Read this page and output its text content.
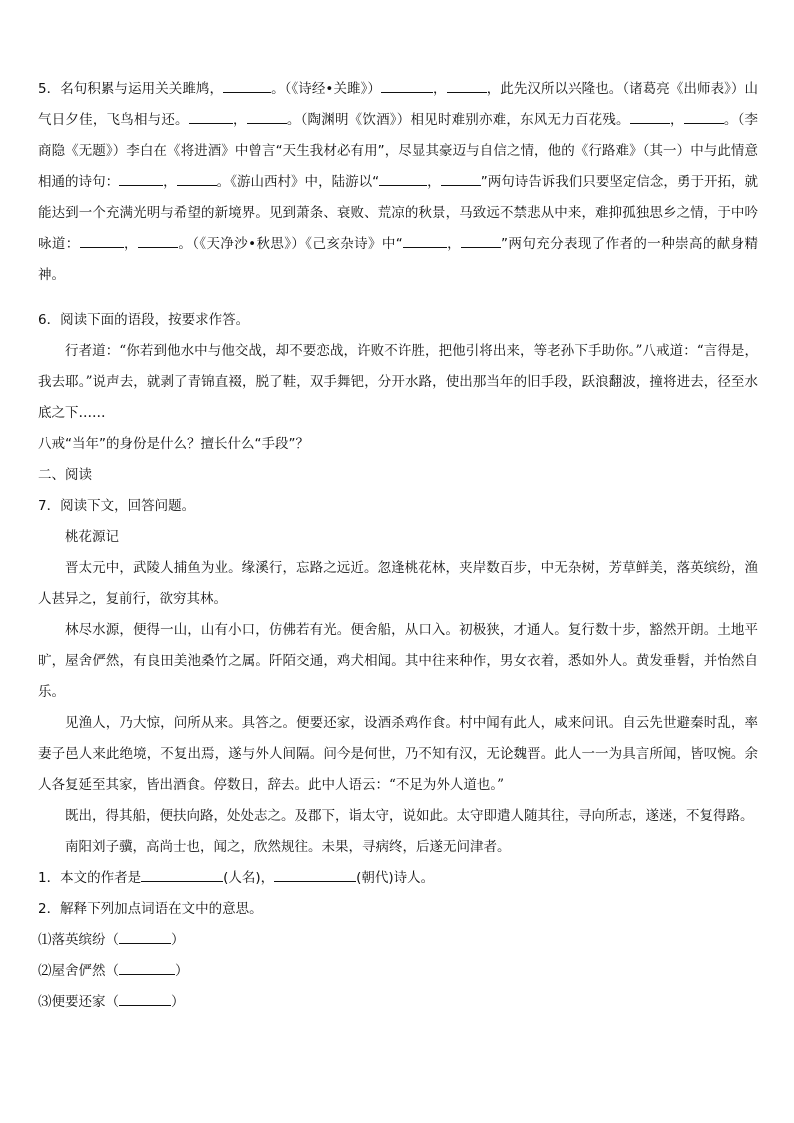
5．名句积累与运用关关雎鸠，	。（《诗经•关雎》）	，	，此先汉所以兴隆也。（诸葛亮《出师表》）山气日夕佳，飞鸟相与还。	，	。（陶渊明《饮酒》）相见时难别亦难，东风无力百花残。	，	。（李商隐《无题》）李白在《将进酒》中曾言“天生我材必有用”，尽显其豪迈与自信之情，他的《行路难》（其一）中与此情意相通的诗句：	，	。《游山西村》中，陆游以“	，	”两句诗告诉我们只要坚定信念，勇于开拓，就能达到一个充满光明与希望的新境界。见到萧条、衰败、荒凉的秋景，马致远不禁悲从中来，难抑孤独思乡之情，于中吟咏道：	，	。（《天净沙•秋思》）《己亥杂诗》中“	，	”两句充分表现了作者的一种崇高的献身精神。
6．阅读下面的语段，按要求作答。
行者道：“你若到他水中与他交战，却不要恋战，许败不许胜，把他引将出来，等老孙下手助你。”八戒道：“言得是，我去耶。”说声去，就剥了青锦直裰，脱了鞋，双手舞钯，分开水路，使出那当年的旧手段，跃浪翻波，撞将进去，径至水底之下……
八戒“当年”的身份是什么？擅长什么“手段”？
二、阅读
7．阅读下文，回答问题。
桃花源记
晋太元中，武陵人捕鱼为业。缘溪行，忘路之远近。忽逢桃花林，夹岸数百步，中无杂树，芳草鲜美，落英缤纷，渔人甚异之，复前行，欲穷其林。
林尽水源，便得一山，山有小口，仿佛若有光。便舍船，从口入。初极狭，才通人。复行数十步，豁然开朗。土地平旷，屋舍俨然，有良田美池桑竹之属。阡陌交通，鸡犬相闻。其中往来种作，男女衣着，悉如外人。黄发垂髫，并怡然自乐。
见渔人，乃大惊，问所从来。具答之。便要还家，设酒杀鸡作食。村中闻有此人，咸来问讯。自云先世避秦时乱，率妻子邑人来此绝境，不复出焉，遂与外人间隔。问今是何世，乃不知有汉，无论魏晋。此人一一为具言所闻，皆叹惋。余人各复延至其家，皆出酒食。停数日，辞去。此中人语云：“不足为外人道也。”
既出，得其船，便扶向路，处处志之。及郡下，诣太守，说如此。太守即遣人随其往，寻向所志，遂迷，不复得路。
南阳刘子骥，高尚士也，闻之，欣然规往。未果，寻病终，后遂无问津者。
1．本文的作者是	(人名)，	(朝代)诗人。
2．解释下列加点词语在文中的意思。
⑴落英缤纷（	）
⑵屋舍俨然（	）
⑶便要还家（	）
